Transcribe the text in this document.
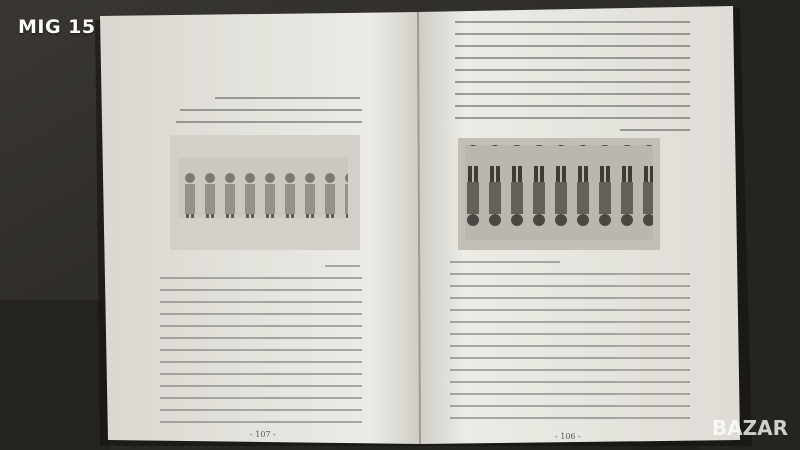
- 107 -	- 106 -
MIG 15
BAZAR
